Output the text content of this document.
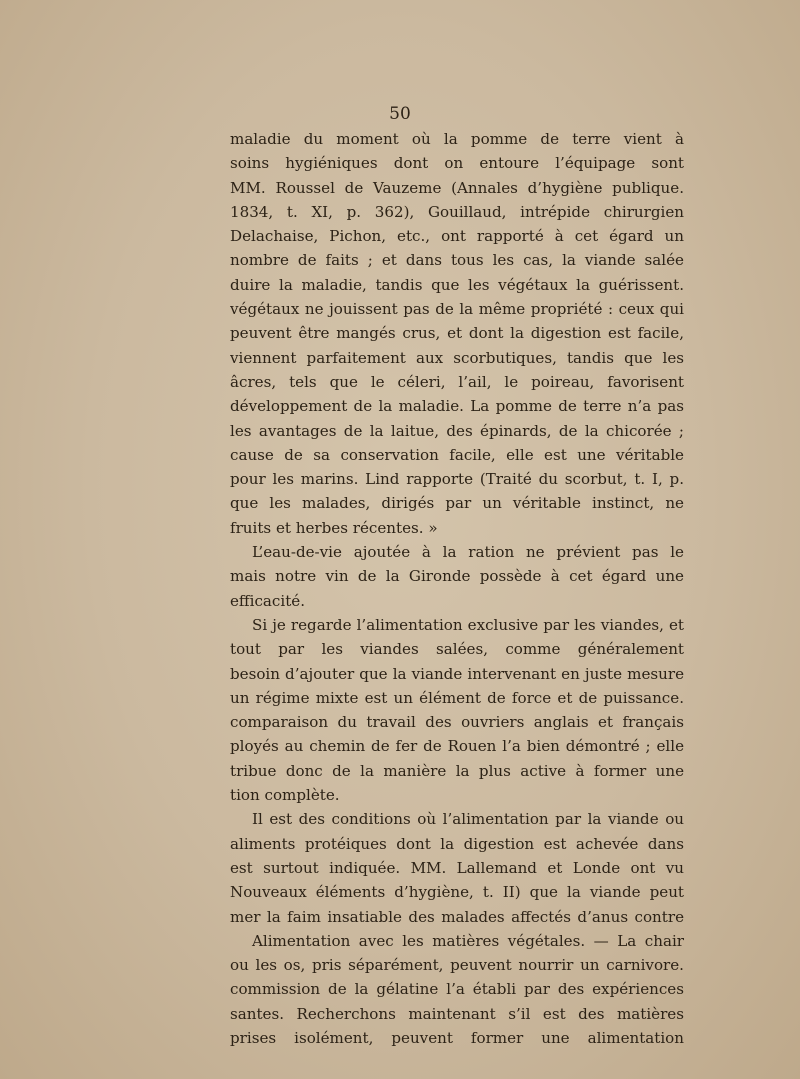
50
maladie du moment où la pomme de terre vient à
soins hygiéniques dont on entoure l’équipage sont
MM. Roussel de Vauzeme (Annales d’hygiène publique.
1834, t. XI, p. 362), Gouillaud, intrépide chirurgien
Delachaise, Pichon, etc., ont rapporté à cet égard un
nombre de faits ; et dans tous les cas, la viande salée
duire la maladie, tandis que les végétaux la guérissent.
végétaux ne jouissent pas de la même propriété : ceux qui
peuvent être mangés crus, et dont la digestion est facile,
viennent parfaitement aux scorbutiques, tandis que les
âcres, tels que le céleri, l’ail, le poireau, favorisent
développement de la maladie. La pomme de terre n’a pas
les avantages de la laitue, des épinards, de la chicorée ;
cause de sa conservation facile, elle est une véritable
pour les marins. Lind rapporte (Traité du scorbut, t. I, p.
que les malades, dirigés par un véritable instinct, ne
fruits et herbes récentes. »
L’eau-de-vie ajoutée à la ration ne prévient pas le
mais notre vin de la Gironde possède à cet égard une
efficacité.
Si je regarde l’alimentation exclusive par les viandes, et
tout par les viandes salées, comme généralement
besoin d’ajouter que la viande intervenant en juste mesure
un régime mixte est un élément de force et de puissance.
comparaison du travail des ouvriers anglais et français
ployés au chemin de fer de Rouen l’a bien démontré ; elle
tribue donc de la manière la plus active à former une
tion complète.
Il est des conditions où l’alimentation par la viande ou
aliments protéiques dont la digestion est achevée dans
est surtout indiquée. MM. Lallemand et Londe ont vu
Nouveaux éléments d’hygiène, t. II) que la viande peut
mer la faim insatiable des malades affectés d’anus contre
Alimentation avec les matières végétales. — La chair
ou les os, pris séparément, peuvent nourrir un carnivore.
commission de la gélatine l’a établi par des expériences
santes. Recherchons maintenant s’il est des matières
prises isolément, peuvent former une alimentation
